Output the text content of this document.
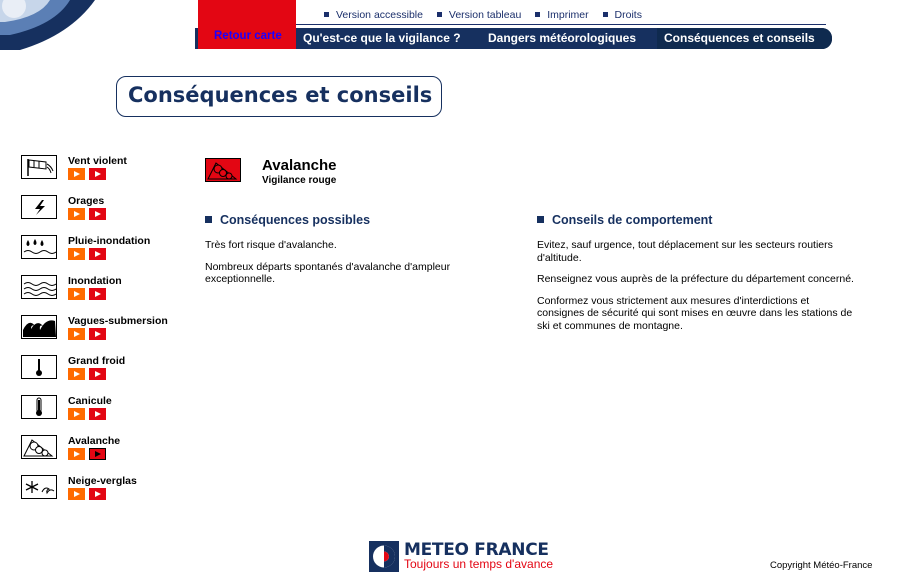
Version accessible Version tableau Imprimer Droits
Retour carte Qu'est-ce que la vigilance ? Dangers météorologiques Conséquences et conseils
Conséquences et conseils
Vent violent
Orages
Pluie-inondation
Inondation
Vagues-submersion
Grand froid
Canicule
Avalanche
Neige-verglas
Avalanche
Vigilance rouge
Conséquences possibles
Très fort risque d'avalanche.
Nombreux départs spontanés d'avalanche d'ampleur exceptionnelle.
Conseils de comportement
Evitez, sauf urgence, tout déplacement sur les secteurs routiers d'altitude.
Renseignez vous auprès de la préfecture du département concerné.
Conformez vous strictement aux mesures d'interdictions et consignes de sécurité qui sont mises en œuvre dans les stations de ski et communes de montagne.
METEO FRANCE
Toujours un temps d'avance	Copyright Météo-France
